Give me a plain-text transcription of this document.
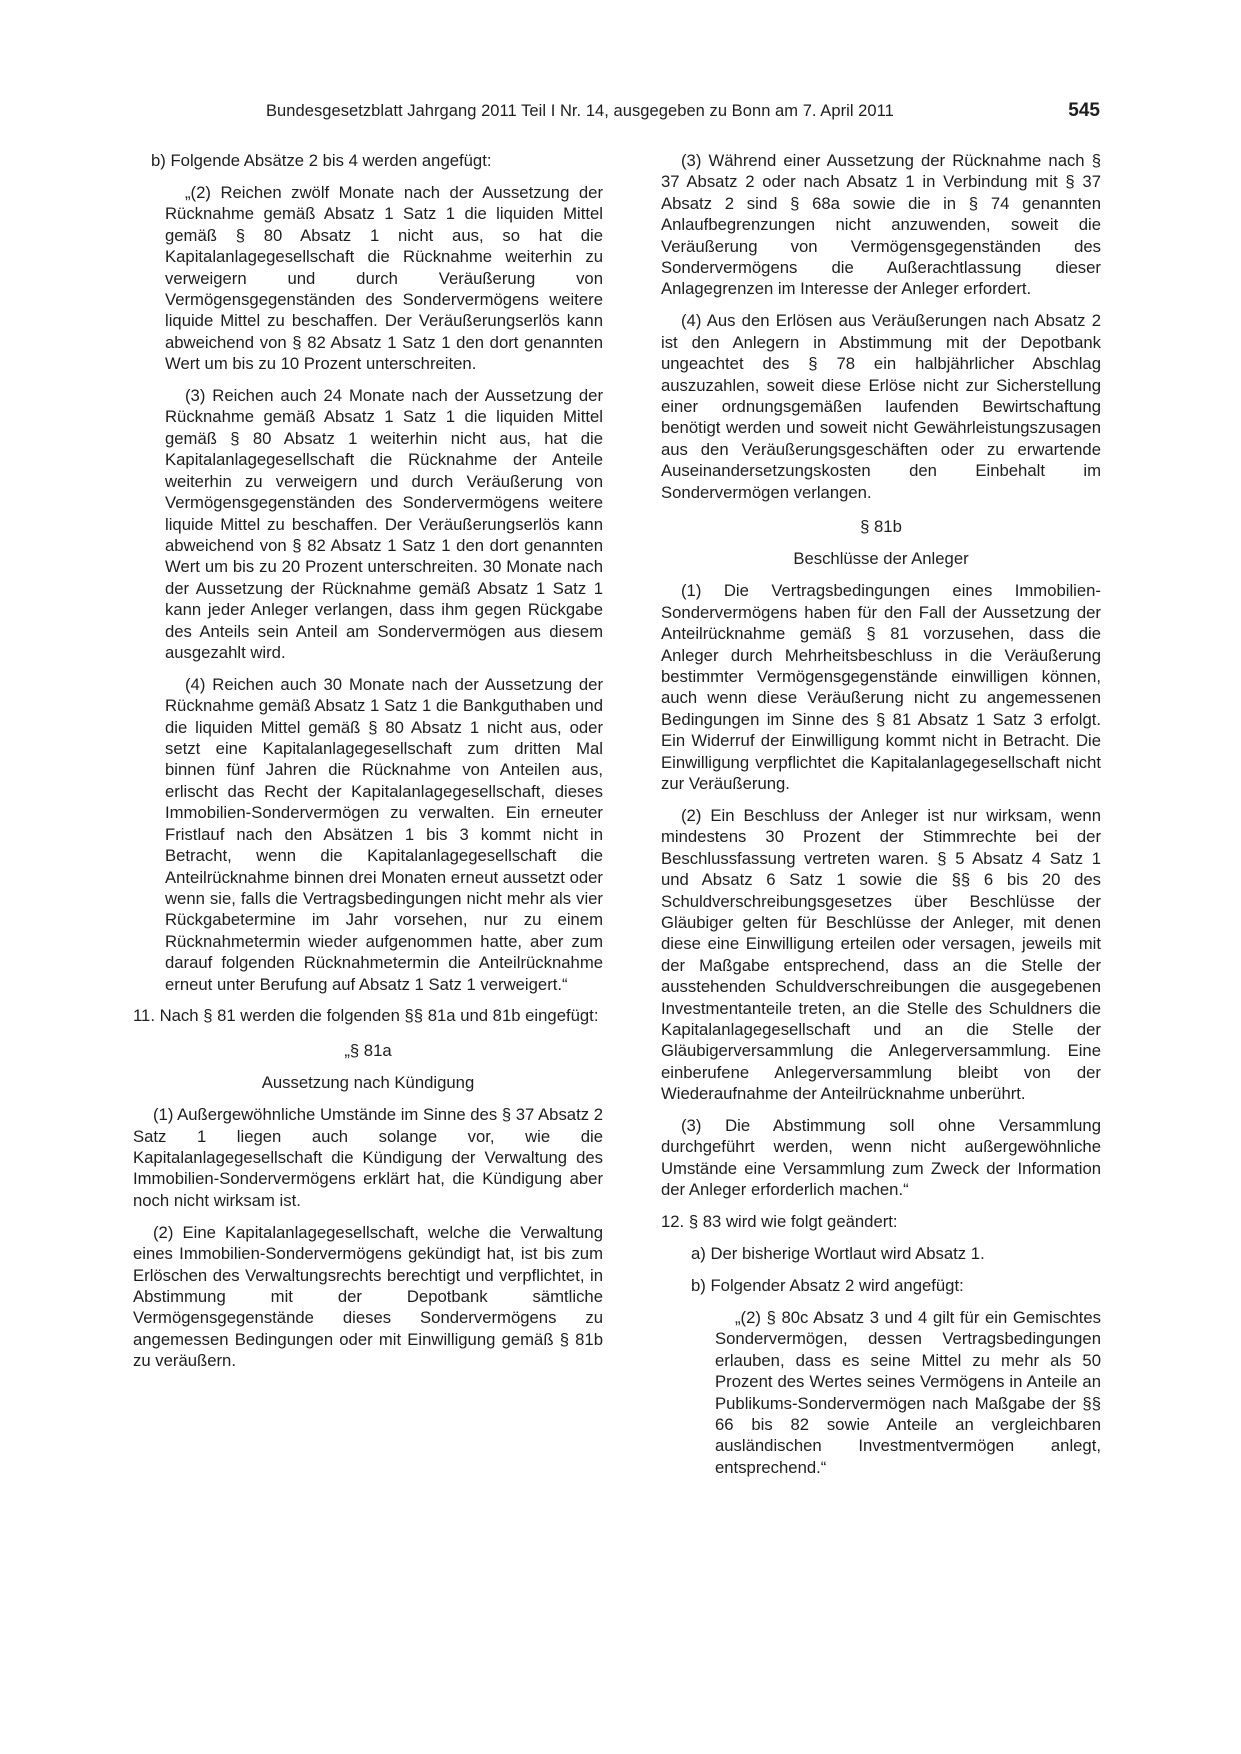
Bundesgesetzblatt Jahrgang 2011 Teil I Nr. 14, ausgegeben zu Bonn am 7. April 2011	545

b) Folgende Absätze 2 bis 4 werden angefügt:

„(2) Reichen zwölf Monate nach der Aussetzung der Rücknahme gemäß Absatz 1 Satz 1 die liquiden Mittel gemäß § 80 Absatz 1 nicht aus, so hat die Kapitalanlagegesellschaft die Rücknahme weiterhin zu verweigern und durch Veräußerung von Vermögensgegenständen des Sondervermögens weitere liquide Mittel zu beschaffen. Der Veräußerungserlös kann abweichend von § 82 Absatz 1 Satz 1 den dort genannten Wert um bis zu 10 Prozent unterschreiten.

(3) Reichen auch 24 Monate nach der Aussetzung der Rücknahme gemäß Absatz 1 Satz 1 die liquiden Mittel gemäß § 80 Absatz 1 weiterhin nicht aus, hat die Kapitalanlagegesellschaft die Rücknahme der Anteile weiterhin zu verweigern und durch Veräußerung von Vermögensgegenständen des Sondervermögens weitere liquide Mittel zu beschaffen. Der Veräußerungserlös kann abweichend von § 82 Absatz 1 Satz 1 den dort genannten Wert um bis zu 20 Prozent unterschreiten. 30 Monate nach der Aussetzung der Rücknahme gemäß Absatz 1 Satz 1 kann jeder Anleger verlangen, dass ihm gegen Rückgabe des Anteils sein Anteil am Sondervermögen aus diesem ausgezahlt wird.

(4) Reichen auch 30 Monate nach der Aussetzung der Rücknahme gemäß Absatz 1 Satz 1 die Bankguthaben und die liquiden Mittel gemäß § 80 Absatz 1 nicht aus, oder setzt eine Kapitalanlagegesellschaft zum dritten Mal binnen fünf Jahren die Rücknahme von Anteilen aus, erlischt das Recht der Kapitalanlagegesellschaft, dieses Immobilien-Sondervermögen zu verwalten. Ein erneuter Fristlauf nach den Absätzen 1 bis 3 kommt nicht in Betracht, wenn die Kapitalanlagegesellschaft die Anteilrücknahme binnen drei Monaten erneut aussetzt oder wenn sie, falls die Vertragsbedingungen nicht mehr als vier Rückgabetermine im Jahr vorsehen, nur zu einem Rücknahmetermin wieder aufgenommen hatte, aber zum darauf folgenden Rücknahmetermin die Anteilrücknahme erneut unter Berufung auf Absatz 1 Satz 1 verweigert.“

11. Nach § 81 werden die folgenden §§ 81a und 81b eingefügt:

„§ 81a

Aussetzung nach Kündigung

(1) Außergewöhnliche Umstände im Sinne des § 37 Absatz 2 Satz 1 liegen auch solange vor, wie die Kapitalanlagegesellschaft die Kündigung der Verwaltung des Immobilien-Sondervermögens erklärt hat, die Kündigung aber noch nicht wirksam ist.

(2) Eine Kapitalanlagegesellschaft, welche die Verwaltung eines Immobilien-Sondervermögens gekündigt hat, ist bis zum Erlöschen des Verwaltungsrechts berechtigt und verpflichtet, in Abstimmung mit der Depotbank sämtliche Vermögensgegenstände dieses Sondervermögens zu angemessen Bedingungen oder mit Einwilligung gemäß § 81b zu veräußern.

(3) Während einer Aussetzung der Rücknahme nach § 37 Absatz 2 oder nach Absatz 1 in Verbindung mit § 37 Absatz 2 sind § 68a sowie die in § 74 genannten Anlaufbegrenzungen nicht anzuwenden, soweit die Veräußerung von Vermögensgegenständen des Sondervermögens die Außerachtlassung dieser Anlagegrenzen im Interesse der Anleger erfordert.

(4) Aus den Erlösen aus Veräußerungen nach Absatz 2 ist den Anlegern in Abstimmung mit der Depotbank ungeachtet des § 78 ein halbjährlicher Abschlag auszuzahlen, soweit diese Erlöse nicht zur Sicherstellung einer ordnungsgemäßen laufenden Bewirtschaftung benötigt werden und soweit nicht Gewährleistungszusagen aus den Veräußerungsgeschäften oder zu erwartende Auseinandersetzungskosten den Einbehalt im Sondervermögen verlangen.

§ 81b

Beschlüsse der Anleger

(1) Die Vertragsbedingungen eines Immobilien-Sondervermögens haben für den Fall der Aussetzung der Anteilrücknahme gemäß § 81 vorzusehen, dass die Anleger durch Mehrheitsbeschluss in die Veräußerung bestimmter Vermögensgegenstände einwilligen können, auch wenn diese Veräußerung nicht zu angemessenen Bedingungen im Sinne des § 81 Absatz 1 Satz 3 erfolgt. Ein Widerruf der Einwilligung kommt nicht in Betracht. Die Einwilligung verpflichtet die Kapitalanlagegesellschaft nicht zur Veräußerung.

(2) Ein Beschluss der Anleger ist nur wirksam, wenn mindestens 30 Prozent der Stimmrechte bei der Beschlussfassung vertreten waren. § 5 Absatz 4 Satz 1 und Absatz 6 Satz 1 sowie die §§ 6 bis 20 des Schuldverschreibungsgesetzes über Beschlüsse der Gläubiger gelten für Beschlüsse der Anleger, mit denen diese eine Einwilligung erteilen oder versagen, jeweils mit der Maßgabe entsprechend, dass an die Stelle der ausstehenden Schuldverschreibungen die ausgegebenen Investmentanteile treten, an die Stelle des Schuldners die Kapitalanlagegesellschaft und an die Stelle der Gläubigerversammlung die Anlegerversammlung. Eine einberufene Anlegerversammlung bleibt von der Wiederaufnahme der Anteilrücknahme unberührt.

(3) Die Abstimmung soll ohne Versammlung durchgeführt werden, wenn nicht außergewöhnliche Umstände eine Versammlung zum Zweck der Information der Anleger erforderlich machen.“

12. § 83 wird wie folgt geändert:

a) Der bisherige Wortlaut wird Absatz 1.

b) Folgender Absatz 2 wird angefügt:

„(2) § 80c Absatz 3 und 4 gilt für ein Gemischtes Sondervermögen, dessen Vertragsbedingungen erlauben, dass es seine Mittel zu mehr als 50 Prozent des Wertes seines Vermögens in Anteile an Publikums-Sondervermögen nach Maßgabe der §§ 66 bis 82 sowie Anteile an vergleichbaren ausländischen Investmentvermögen anlegt, entsprechend.“
